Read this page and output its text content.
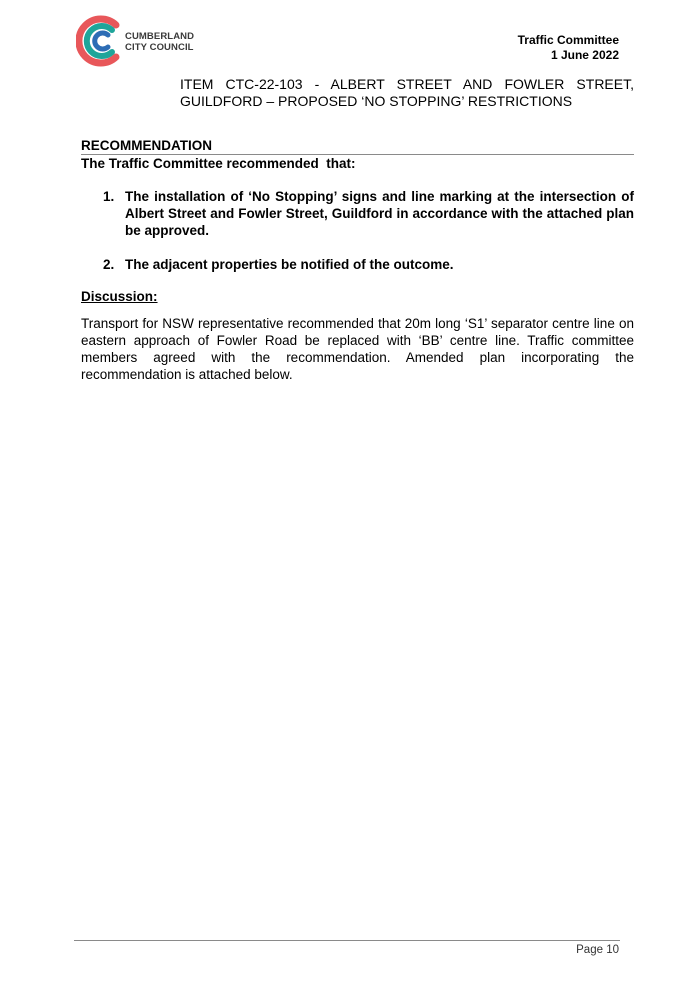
CUMBERLAND
CITY COUNCIL
Traffic Committee
1 June 2022
ITEM CTC-22-103 - ALBERT STREET AND FOWLER STREET, GUILDFORD – PROPOSED ‘NO STOPPING’ RESTRICTIONS
RECOMMENDATION
The Traffic Committee recommended  that:
1. The installation of ‘No Stopping’ signs and line marking at the intersection of Albert Street and Fowler Street, Guildford in accordance with the attached plan be approved.
2. The adjacent properties be notified of the outcome.
Discussion:
Transport for NSW representative recommended that 20m long ‘S1’ separator centre line on eastern approach of Fowler Road be replaced with ‘BB’ centre line. Traffic committee members agreed with the recommendation. Amended plan incorporating the recommendation is attached below.
Page 10
